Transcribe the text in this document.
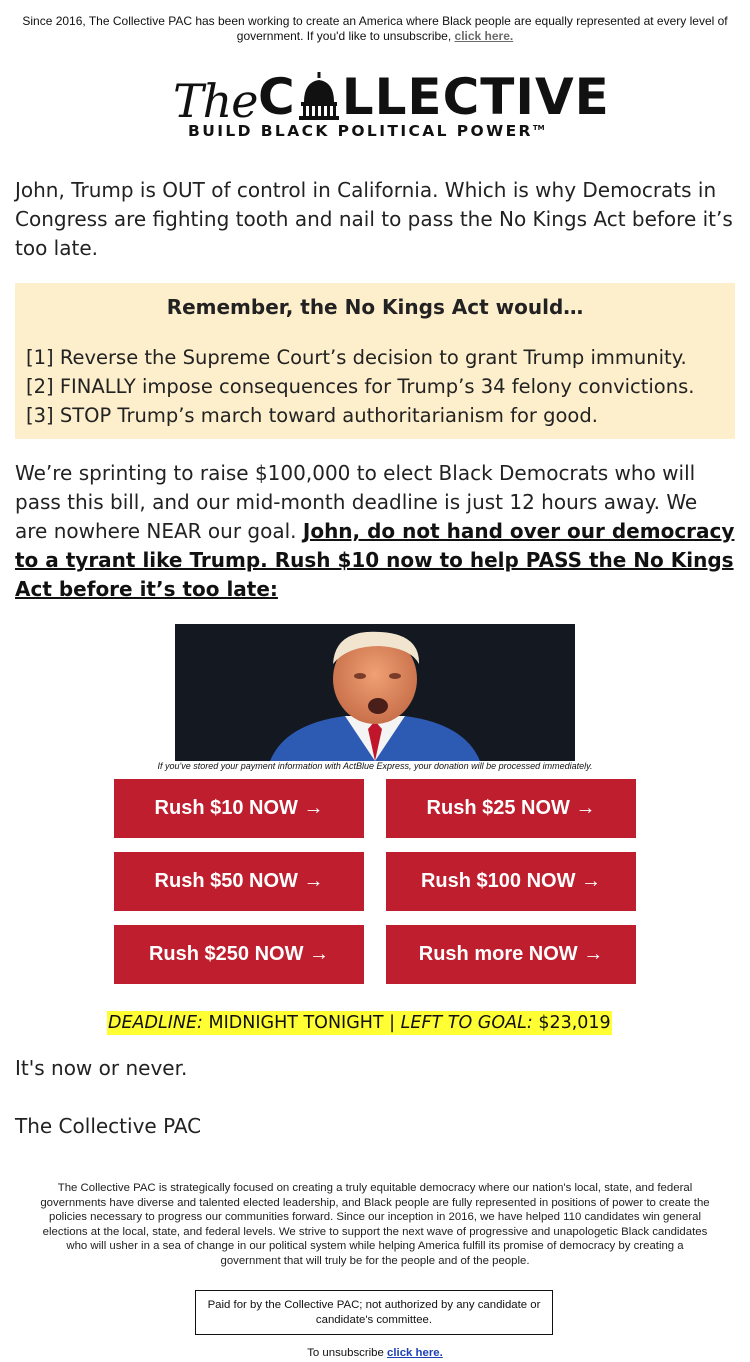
Since 2016, The Collective PAC has been working to create an America where Black people are equally represented at every level of government. If you'd like to unsubscribe, click here.
The C LLECTIVE
BUILD BLACK POLITICAL POWER™
John, Trump is OUT of control in California. Which is why Democrats in Congress are fighting tooth and nail to pass the No Kings Act before it’s too late.
Remember, the No Kings Act would…
[1] Reverse the Supreme Court’s decision to grant Trump immunity.
[2] FINALLY impose consequences for Trump’s 34 felony convictions.
[3] STOP Trump’s march toward authoritarianism for good.
We’re sprinting to raise $100,000 to elect Black Democrats who will pass this bill, and our mid-month deadline is just 12 hours away. We are nowhere NEAR our goal. John, do not hand over our democracy to a tyrant like Trump. Rush $10 now to help PASS the No Kings Act before it’s too late:
If you've stored your payment information with ActBlue Express, your donation will be processed immediately.
Rush $10 NOW →	Rush $25 NOW →
Rush $50 NOW →	Rush $100 NOW →
Rush $250 NOW →	Rush more NOW →
DEADLINE: MIDNIGHT TONIGHT | LEFT TO GOAL: $23,019
It's now or never.
The Collective PAC
The Collective PAC is strategically focused on creating a truly equitable democracy where our nation's local, state, and federal governments have diverse and talented elected leadership, and Black people are fully represented in positions of power to create the policies necessary to progress our communities forward. Since our inception in 2016, we have helped 110 candidates win general elections at the local, state, and federal levels. We strive to support the next wave of progressive and unapologetic Black candidates who will usher in a sea of change in our political system while helping America fulfill its promise of democracy by creating a government that will truly be for the people and of the people.
Paid for by the Collective PAC; not authorized by any candidate or candidate's committee.
To unsubscribe click here.
